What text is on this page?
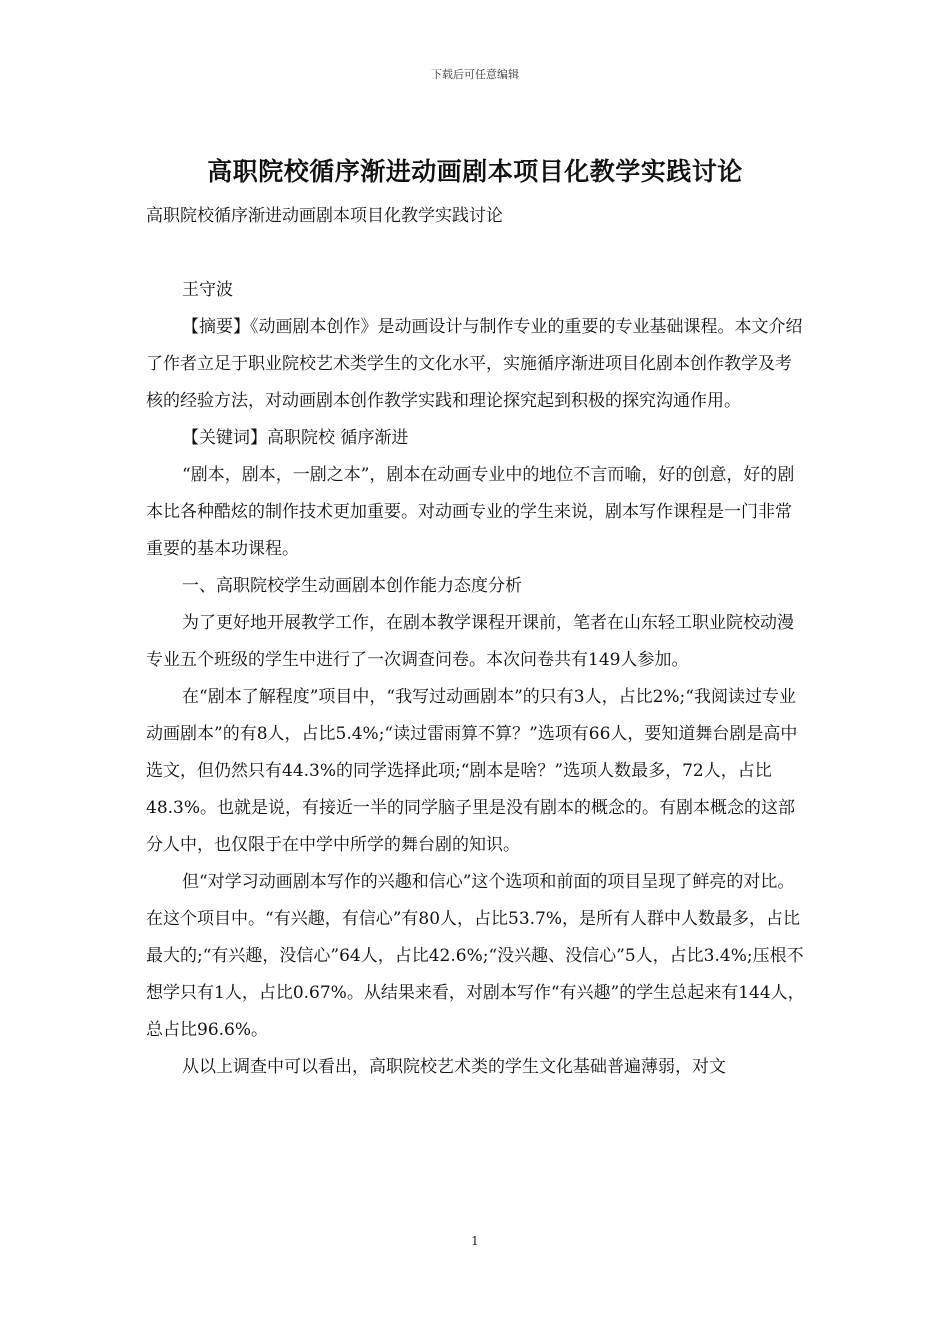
下载后可任意编辑
高职院校循序渐进动画剧本项目化教学实践讨论

高职院校循序渐进动画剧本项目化教学实践讨论

王守波

【摘要】《动画剧本创作》是动画设计与制作专业的重要的专业基础课程。本文介绍了作者立足于职业院校艺术类学生的文化水平，实施循序渐进项目化剧本创作教学及考核的经验方法，对动画剧本创作教学实践和理论探究起到积极的探究沟通作用。

【关键词】高职院校 循序渐进

“剧本，剧本，一剧之本”，剧本在动画专业中的地位不言而喻，好的创意，好的剧本比各种酷炫的制作技术更加重要。对动画专业的学生来说，剧本写作课程是一门非常重要的基本功课程。

一、高职院校学生动画剧本创作能力态度分析

为了更好地开展教学工作，在剧本教学课程开课前，笔者在山东轻工职业院校动漫专业五个班级的学生中进行了一次调查问卷。本次问卷共有149人参加。

在“剧本了解程度”项目中，“我写过动画剧本”的只有3人，占比2%;“我阅读过专业动画剧本”的有8人，占比5.4%;“读过雷雨算不算？”选项有66人，要知道舞台剧是高中选文，但仍然只有44.3%的同学选择此项;“剧本是啥？”选项人数最多，72人，占比48.3%。也就是说，有接近一半的同学脑子里是没有剧本的概念的。有剧本概念的这部分人中，也仅限于在中学中所学的舞台剧的知识。

但“对学习动画剧本写作的兴趣和信心”这个选项和前面的项目呈现了鲜亮的对比。在这个项目中。“有兴趣，有信心”有80人，占比53.7%，是所有人群中人数最多，占比最大的;“有兴趣，没信心”64人，占比42.6%;“没兴趣、没信心”5人，占比3.4%;压根不想学只有1人，占比0.67%。从结果来看，对剧本写作“有兴趣”的学生总起来有144人，总占比96.6%。

从以上调查中可以看出，高职院校艺术类的学生文化基础普遍薄弱，对文

1
